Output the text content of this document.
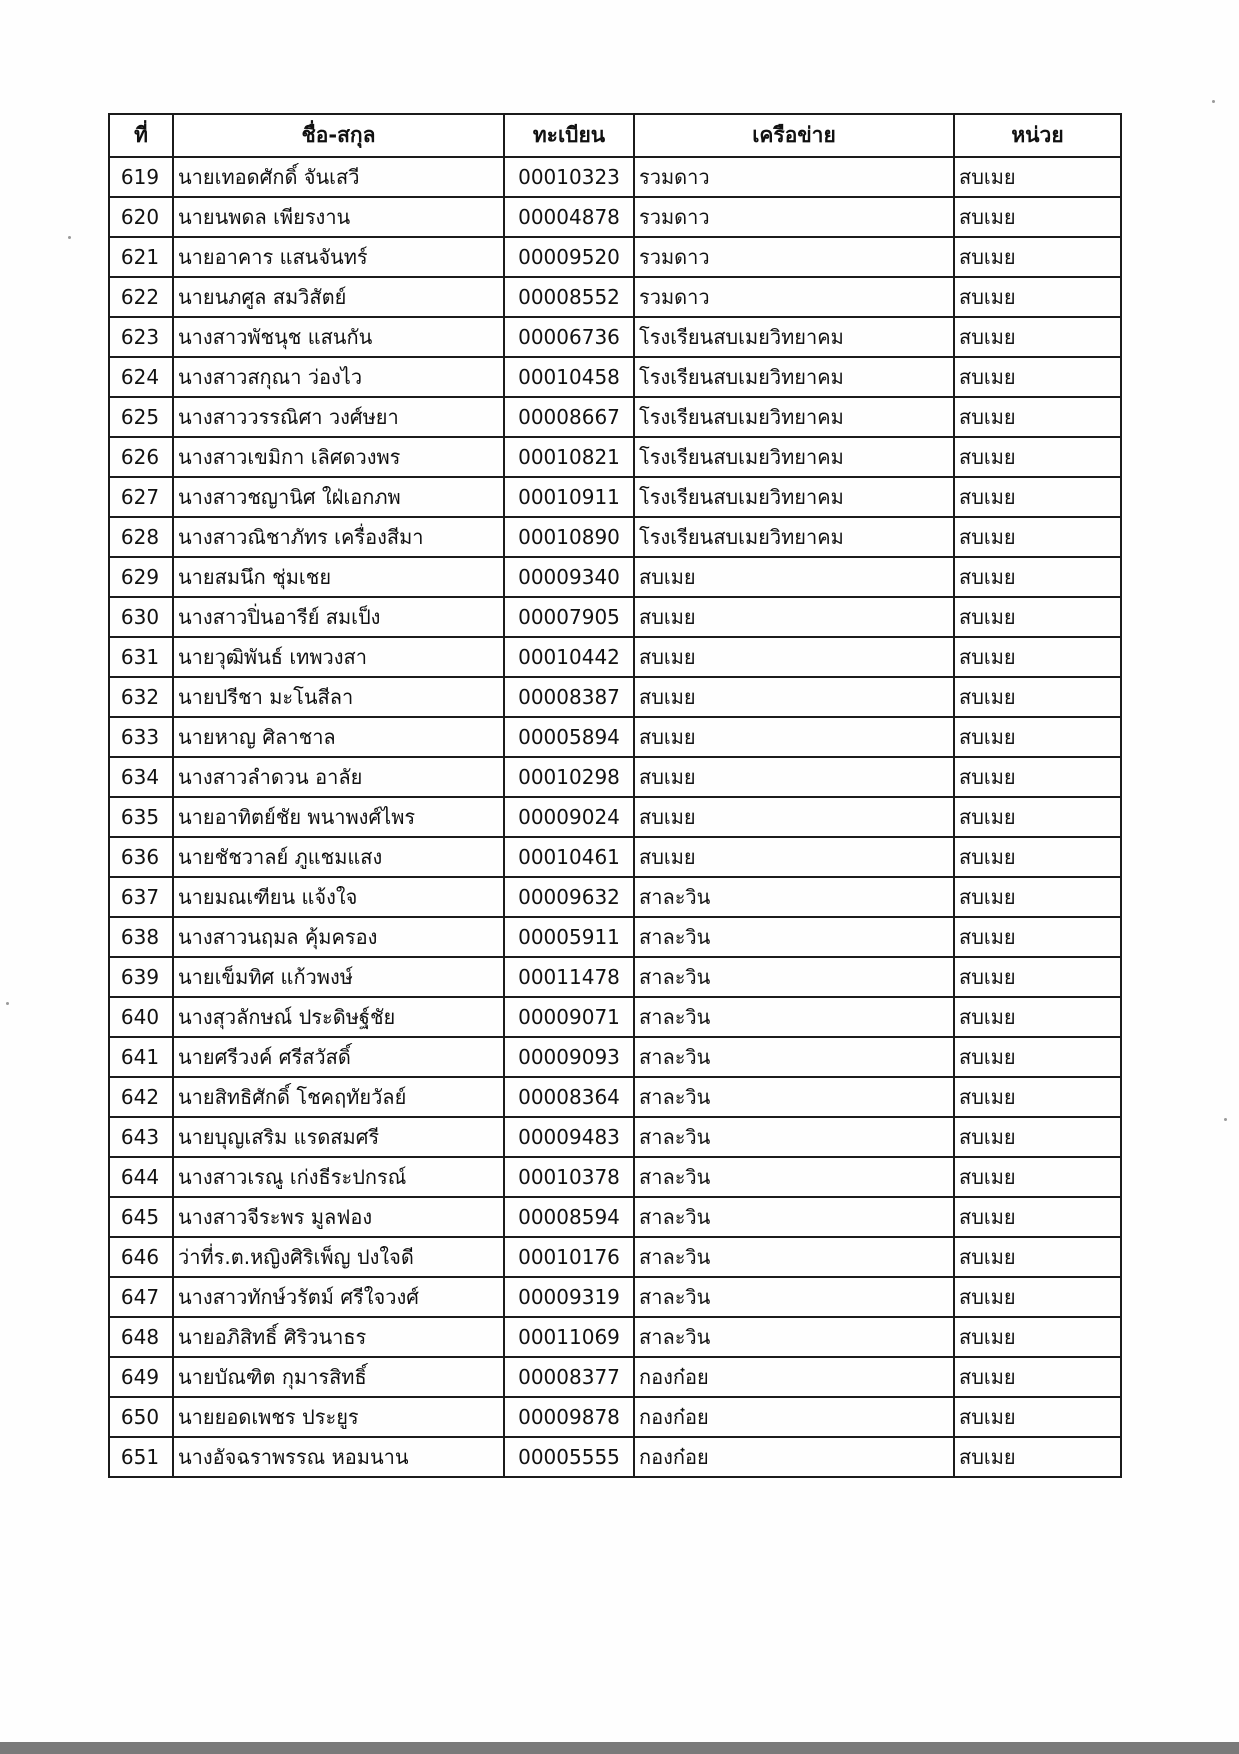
ที่	ชื่อ-สกุล	ทะเบียน	เครือข่าย	หน่วย
619	นายเทอดศักดิ์ จันเสวี	00010323	รวมดาว	สบเมย
620	นายนพดล เพียรงาน	00004878	รวมดาว	สบเมย
621	นายอาคาร แสนจันทร์	00009520	รวมดาว	สบเมย
622	นายนภศูล สมวิสัตย์	00008552	รวมดาว	สบเมย
623	นางสาวพัชนุช แสนกัน	00006736	โรงเรียนสบเมยวิทยาคม	สบเมย
624	นางสาวสกุณา ว่องไว	00010458	โรงเรียนสบเมยวิทยาคม	สบเมย
625	นางสาววรรณิศา วงศ์ษยา	00008667	โรงเรียนสบเมยวิทยาคม	สบเมย
626	นางสาวเขมิกา เลิศดวงพร	00010821	โรงเรียนสบเมยวิทยาคม	สบเมย
627	นางสาวชญานิศ ใฝ่เอกภพ	00010911	โรงเรียนสบเมยวิทยาคม	สบเมย
628	นางสาวณิชาภัทร เครื่องสีมา	00010890	โรงเรียนสบเมยวิทยาคม	สบเมย
629	นายสมนึก ชุ่มเชย	00009340	สบเมย	สบเมย
630	นางสาวปิ่นอารีย์ สมเป็ง	00007905	สบเมย	สบเมย
631	นายวุฒิพันธ์ เทพวงสา	00010442	สบเมย	สบเมย
632	นายปรีชา มะโนสีลา	00008387	สบเมย	สบเมย
633	นายหาญ ศิลาชาล	00005894	สบเมย	สบเมย
634	นางสาวลำดวน อาลัย	00010298	สบเมย	สบเมย
635	นายอาทิตย์ชัย พนาพงศ์ไพร	00009024	สบเมย	สบเมย
636	นายชัชวาลย์ ภูแชมแสง	00010461	สบเมย	สบเมย
637	นายมณเฑียน แจ้งใจ	00009632	สาละวิน	สบเมย
638	นางสาวนฤมล คุ้มครอง	00005911	สาละวิน	สบเมย
639	นายเข็มทิศ แก้วพงษ์	00011478	สาละวิน	สบเมย
640	นางสุวลักษณ์ ประดิษฐ์ชัย	00009071	สาละวิน	สบเมย
641	นายศรีวงค์ ศรีสวัสดิ์	00009093	สาละวิน	สบเมย
642	นายสิทธิศักดิ์ โชคฤทัยวัลย์	00008364	สาละวิน	สบเมย
643	นายบุญเสริม แรดสมศรี	00009483	สาละวิน	สบเมย
644	นางสาวเรณู เก่งธีระปกรณ์	00010378	สาละวิน	สบเมย
645	นางสาวจีระพร มูลฟอง	00008594	สาละวิน	สบเมย
646	ว่าที่ร.ต.หญิงศิริเพ็ญ ปงใจดี	00010176	สาละวิน	สบเมย
647	นางสาวทักษ์วรัตม์ ศรีใจวงศ์	00009319	สาละวิน	สบเมย
648	นายอภิสิทธิ์ ศิริวนาธร	00011069	สาละวิน	สบเมย
649	นายบัณฑิต กุมารสิทธิ์	00008377	กองก๋อย	สบเมย
650	นายยอดเพชร ประยูร	00009878	กองก๋อย	สบเมย
651	นางอัจฉราพรรณ หอมนาน	00005555	กองก๋อย	สบเมย
